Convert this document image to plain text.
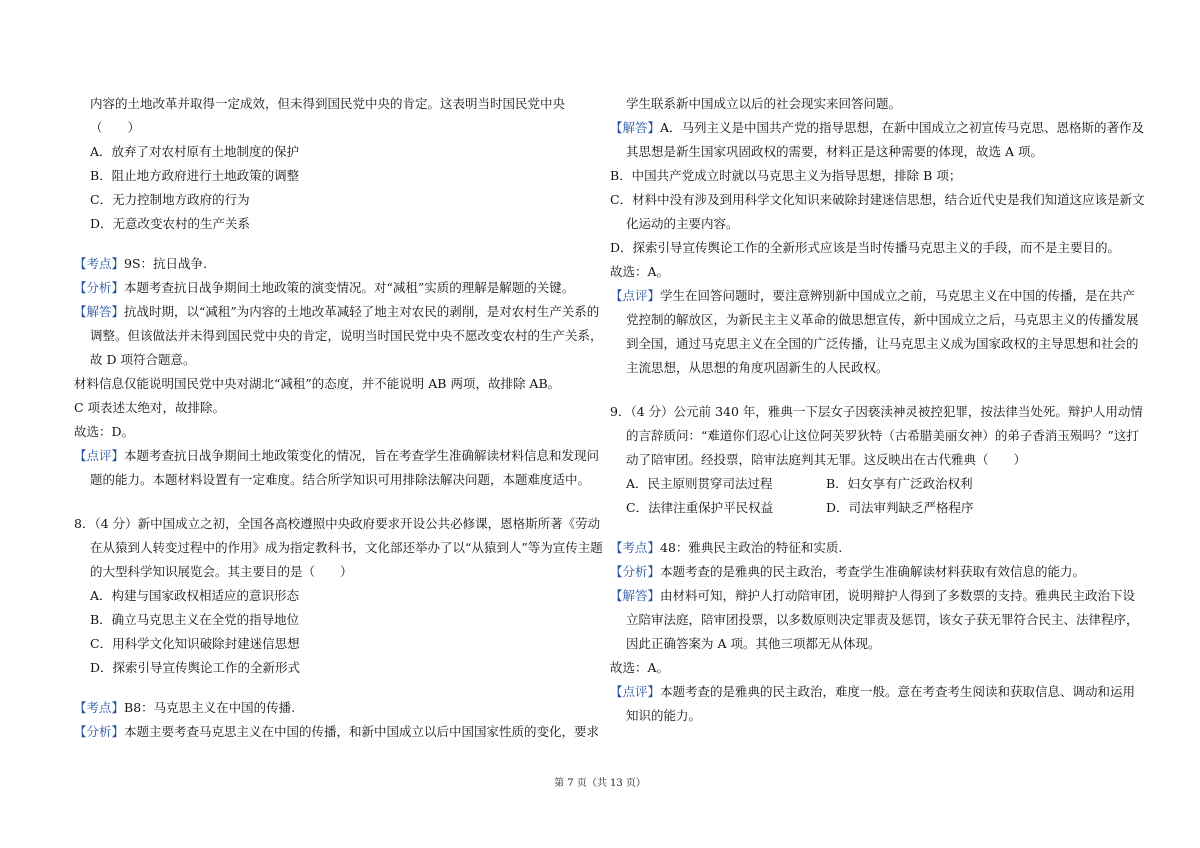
内容的土地改革并取得一定成效，但未得到国民党中央的肯定。这表明当时国民党中央
（　　）
A．放弃了对农村原有土地制度的保护
B．阻止地方政府进行土地政策的调整
C．无力控制地方政府的行为
D．无意改变农村的生产关系
【考点】9S：抗日战争.
【分析】本题考查抗日战争期间土地政策的演变情况。对“减租”实质的理解是解题的关键。
【解答】抗战时期，以“减租”为内容的土地改革减轻了地主对农民的剥削，是对农村生产关系的
调整。但该做法并未得到国民党中央的肯定，说明当时国民党中央不愿改变农村的生产关系，
故 D 项符合题意。
材料信息仅能说明国民党中央对湖北“减租”的态度，并不能说明 AB 两项，故排除 AB。
C 项表述太绝对，故排除。
故选：D。
【点评】本题考查抗日战争期间土地政策变化的情况，旨在考查学生准确解读材料信息和发现问
题的能力。本题材料设置有一定难度。结合所学知识可用排除法解决问题，本题难度适中。
8．（4 分）新中国成立之初，全国各高校遵照中央政府要求开设公共必修课，恩格斯所著《劳动
在从猿到人转变过程中的作用》成为指定教科书，文化部还举办了以“从猿到人”等为宣传主题
的大型科学知识展览会。其主要目的是（　　）
A．构建与国家政权相适应的意识形态
B．确立马克思主义在全党的指导地位
C．用科学文化知识破除封建迷信思想
D．探索引导宣传舆论工作的全新形式
【考点】B8：马克思主义在中国的传播.
【分析】本题主要考查马克思主义在中国的传播，和新中国成立以后中国国家性质的变化，要求
学生联系新中国成立以后的社会现实来回答问题。
【解答】A．马列主义是中国共产党的指导思想，在新中国成立之初宣传马克思、恩格斯的著作及
其思想是新生国家巩固政权的需要，材料正是这种需要的体现，故选 A 项。
B．中国共产党成立时就以马克思主义为指导思想，排除 B 项；
C．材料中没有涉及到用科学文化知识来破除封建迷信思想，结合近代史是我们知道这应该是新文
化运动的主要内容。
D．探索引导宣传舆论工作的全新形式应该是当时传播马克思主义的手段，而不是主要目的。
故选：A。
【点评】学生在回答问题时，要注意辨别新中国成立之前，马克思主义在中国的传播，是在共产
党控制的解放区，为新民主主义革命的做思想宣传，新中国成立之后，马克思主义的传播发展
到全国，通过马克思主义在全国的广泛传播，让马克思主义成为国家政权的主导思想和社会的
主流思想，从思想的角度巩固新生的人民政权。
9．（4 分）公元前 340 年，雅典一下层女子因亵渎神灵被控犯罪，按法律当处死。辩护人用动情
的言辞质问：“难道你们忍心让这位阿芙罗狄特（古希腊美丽女神）的弟子香消玉殒吗？”这打
动了陪审团。经投票，陪审法庭判其无罪。这反映出在古代雅典（　　）
A．民主原则贯穿司法过程	B．妇女享有广泛政治权利
C．法律注重保护平民权益	D．司法审判缺乏严格程序
【考点】48：雅典民主政治的特征和实质.
【分析】本题考查的是雅典的民主政治，考查学生准确解读材料获取有效信息的能力。
【解答】由材料可知，辩护人打动陪审团，说明辩护人得到了多数票的支持。雅典民主政治下设
立陪审法庭，陪审团投票，以多数原则决定罪责及惩罚，该女子获无罪符合民主、法律程序，
因此正确答案为 A 项。其他三项都无从体现。
故选：A。
【点评】本题考查的是雅典的民主政治，难度一般。意在考查考生阅读和获取信息、调动和运用
知识的能力。
第 7 页（共 13 页）
